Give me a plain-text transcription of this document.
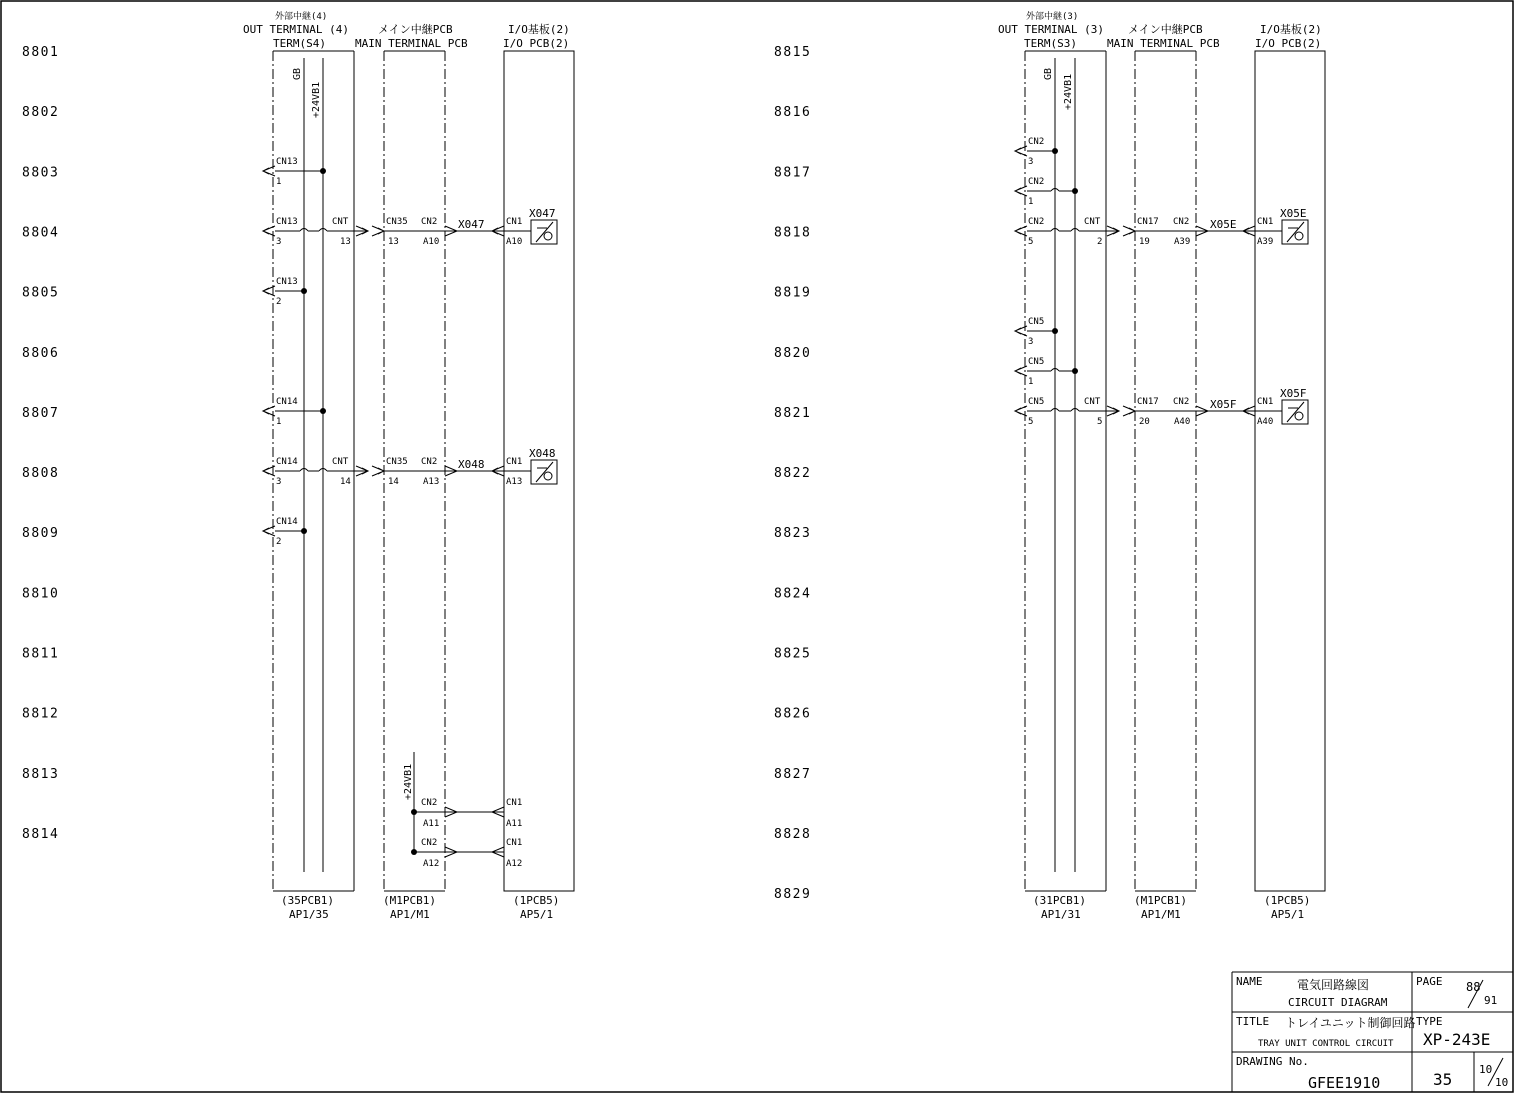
8801
8802
8803
8804
8805
8806
8807
8808
8809
8810
8811
8812
8813
8814
8815
8816
8817
8818
8819
8820
8821
8822
8823
8824
8825
8826
8827
8828
8829
外部中継(4)
OUT TERMINAL (4)
TERM(S4)
メイン中継PCB
MAIN TERMINAL PCB
I/O基板(2)
I/O PCB(2)
GB
+24VB1
CN13
1
CN13
2
CN14
1
CN14
2
CN13
3
CNT
13
CN35
13
CN2
A10
X047 CN1
A10
X047
CN14
3
CNT
14
CN35
14
CN2
A13
X048 CN1
A13
X048
+24VB1
CN2
A11
CN1
A11
CN2
A12
CN1
A12
(35PCB1)
AP1/35
(M1PCB1)
AP1/M1
(1PCB5)
AP5/1
外部中継(3)
OUT TERMINAL (3)
TERM(S3)
メイン中継PCB
MAIN TERMINAL PCB
I/O基板(2)
I/O PCB(2)
GB +24VB1
CN2
3
CN2
1
CN5
3
CN5
1
CN2
5
CNT
2
CN17
19
CN2
A39
X05E CN1
A39
X05E
CN5
5
CNT
5
CN17
20
CN2
A40
X05F CN1
A40
X05F
(31PCB1)
AP1/31
(M1PCB1)
AP1/M1
(1PCB5)
AP5/1
NAME	電気回路線図
CIRCUIT DIAGRAM
PAGE 88
91
TITLE トレイユニット制御回路
TRAY UNIT CONTROL CIRCUIT
TYPE
XP-243E
DRAWING No.
GFEE1910	35
10
10
